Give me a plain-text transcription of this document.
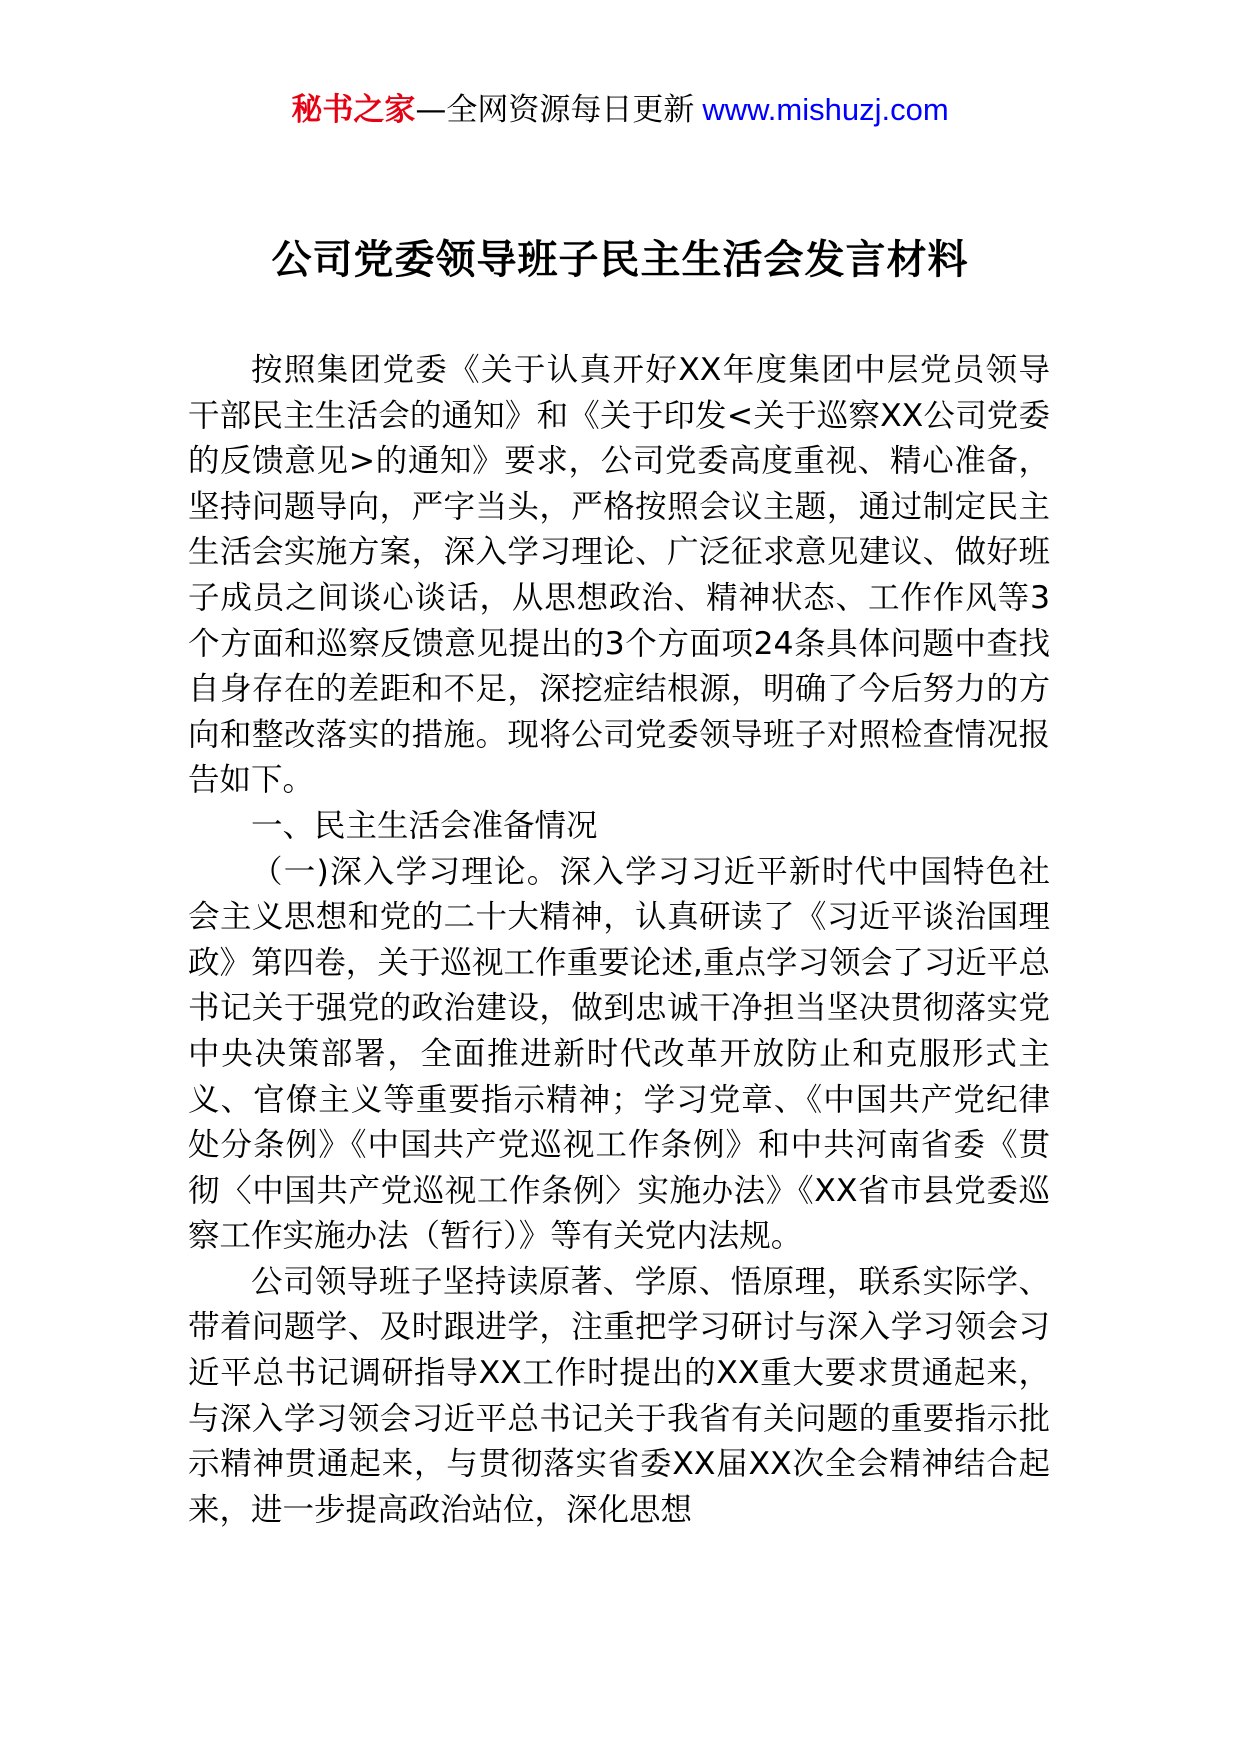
秘书之家—全网资源每日更新 www.mishuzj.com
公司党委领导班子民主生活会发言材料

按照集团党委《关于认真开好XX年度集团中层党员领导干部民主生活会的通知》和《关于印发<关于巡察XX公司党委的反馈意见>的通知》要求，公司党委高度重视、精心准备，坚持问题导向，严字当头，严格按照会议主题，通过制定民主生活会实施方案，深入学习理论、广泛征求意见建议、做好班子成员之间谈心谈话，从思想政治、精神状态、工作作风等3个方面和巡察反馈意见提出的3个方面项24条具体问题中查找自身存在的差距和不足，深挖症结根源，明确了今后努力的方向和整改落实的措施。现将公司党委领导班子对照检查情况报告如下。

一、民主生活会准备情况

（一)深入学习理论。深入学习习近平新时代中国特色社会主义思想和党的二十大精神，认真研读了《习近平谈治国理政》第四卷，关于巡视工作重要论述,重点学习领会了习近平总书记关于强党的政治建设，做到忠诚干净担当坚决贯彻落实党中央决策部署，全面推进新时代改革开放防止和克服形式主义、官僚主义等重要指示精神；学习党章、《中国共产党纪律处分条例》《中国共产党巡视工作条例》和中共河南省委《贯彻〈中国共产党巡视工作条例〉实施办法》《XX省市县党委巡察工作实施办法（暂行）》等有关党内法规。

公司领导班子坚持读原著、学原、悟原理，联系实际学、带着问题学、及时跟进学，注重把学习研讨与深入学习领会习近平总书记调研指导XX工作时提出的XX重大要求贯通起来，与深入学习领会习近平总书记关于我省有关问题的重要指示批示精神贯通起来，与贯彻落实省委XX届XX次全会精神结合起来，进一步提高政治站位，深化思想
